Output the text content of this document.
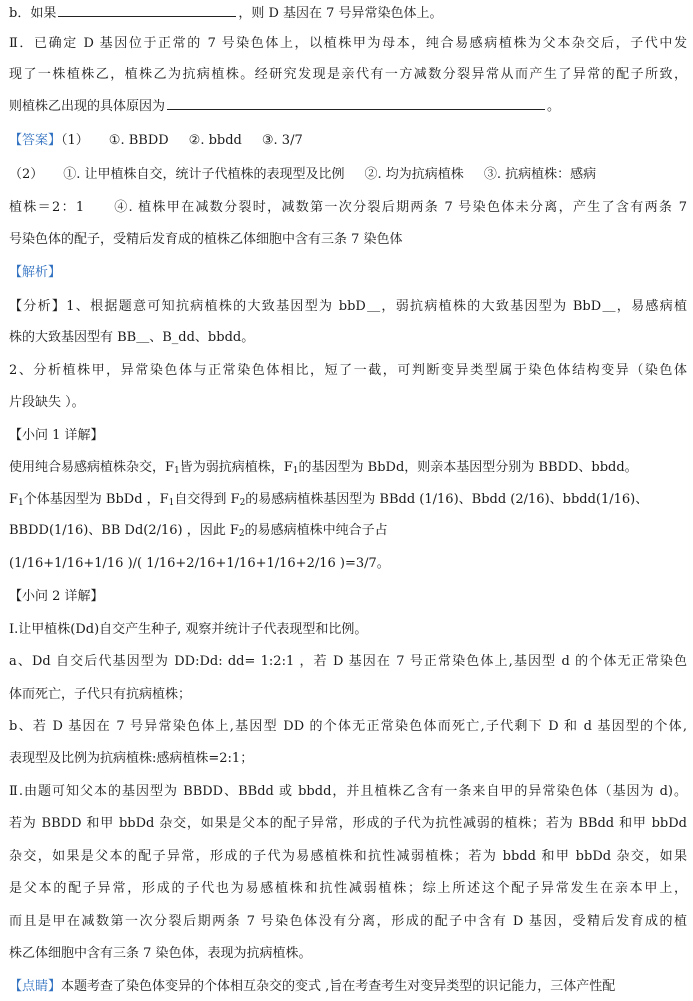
b．如果	，则 D 基因在 7 号异常染色体上。
Ⅱ．已确定 D 基因位于正常的 7 号染色体上，以植株甲为母本，纯合易感病植株为父本杂交后，子代中发
现了一株植株乙，植株乙为抗病植株。经研究发现是亲代有一方减数分裂异常从而产生了异常的配子所致，
则植株乙出现的具体原因为	。
【答案】（1） ①. BBDD ②. bbdd ③. 3/7
（2） ①. 让甲植株自交，统计子代植株的表现型及比例 ②. 均为抗病植株 ③. 抗病植株：感病
植株＝2：1　　④. 植株甲在减数分裂时，减数第一次分裂后期两条 7 号染色体未分离，产生了含有两条 7
号染色体的配子，受精后发育成的植株乙体细胞中含有三条 7 染色体
【解析】
【分析】1、根据题意可知抗病植株的大致基因型为 bbD＿，弱抗病植株的大致基因型为 BbD＿，易感病植
株的大致基因型有 BB＿、B_dd、bbdd。
2、分析植株甲，异常染色体与正常染色体相比，短了一截，可判断变异类型属于染色体结构变异（染色体
片段缺失 ）。
【小问 1 详解】
使用纯合易感病植株杂交，$F_1$皆为弱抗病植株，$F_1$的基因型为 BbDd，则亲本基因型分别为 BBDD、bbdd。
$F_1$个体基因型为 BbDd ，$F_1$自交得到 $F_2$的易感病植株基因型为 BBdd (1/16)、Bbdd (2/16)、bbdd(1/16)、
BBDD(1/16)、BB Dd(2/16) ，因此 $F_2$的易感病植株中纯合子占
(1/16+1/16+1/16 )/( 1/16+2/16+1/16+1/16+2/16 )=3/7。
【小问 2 详解】
Ⅰ.让甲植株(Dd)自交产生种子, 观察并统计子代表现型和比例。
a、Dd 自交后代基因型为 DD:Dd: dd= 1:2:1 ，若 D 基因在 7 号正常染色体上,基因型 d 的个体无正常染色
体而死亡，子代只有抗病植株；
b、若 D 基因在 7 号异常染色体上,基因型 DD 的个体无正常染色体而死亡,子代剩下 D 和 d 基因型的个体,
表现型及比例为抗病植株:感病植株=2:1；
Ⅱ.由题可知父本的基因型为 BBDD、BBdd 或 bbdd，并且植株乙含有一条来自甲的异常染色体（基因为 d)。
若为 BBDD 和甲 bbDd 杂交，如果是父本的配子异常，形成的子代为抗性减弱的植株；若为 BBdd 和甲 bbDd
杂交，如果是父本的配子异常，形成的子代为易感植株和抗性减弱植株；若为 bbdd 和甲 bbDd 杂交，如果
是父本的配子异常，形成的子代也为易感植株和抗性减弱植株；综上所述这个配子异常发生在亲本甲上，
而且是甲在减数第一次分裂后期两条 7 号染色体没有分离，形成的配子中含有 D 基因，受精后发育成的植
株乙体细胞中含有三条 7 染色体，表现为抗病植株。
【点睛】本题考查了染色体变异的个体相互杂交的变式 ,旨在考查考生对变异类型的识记能力，三体产性配
